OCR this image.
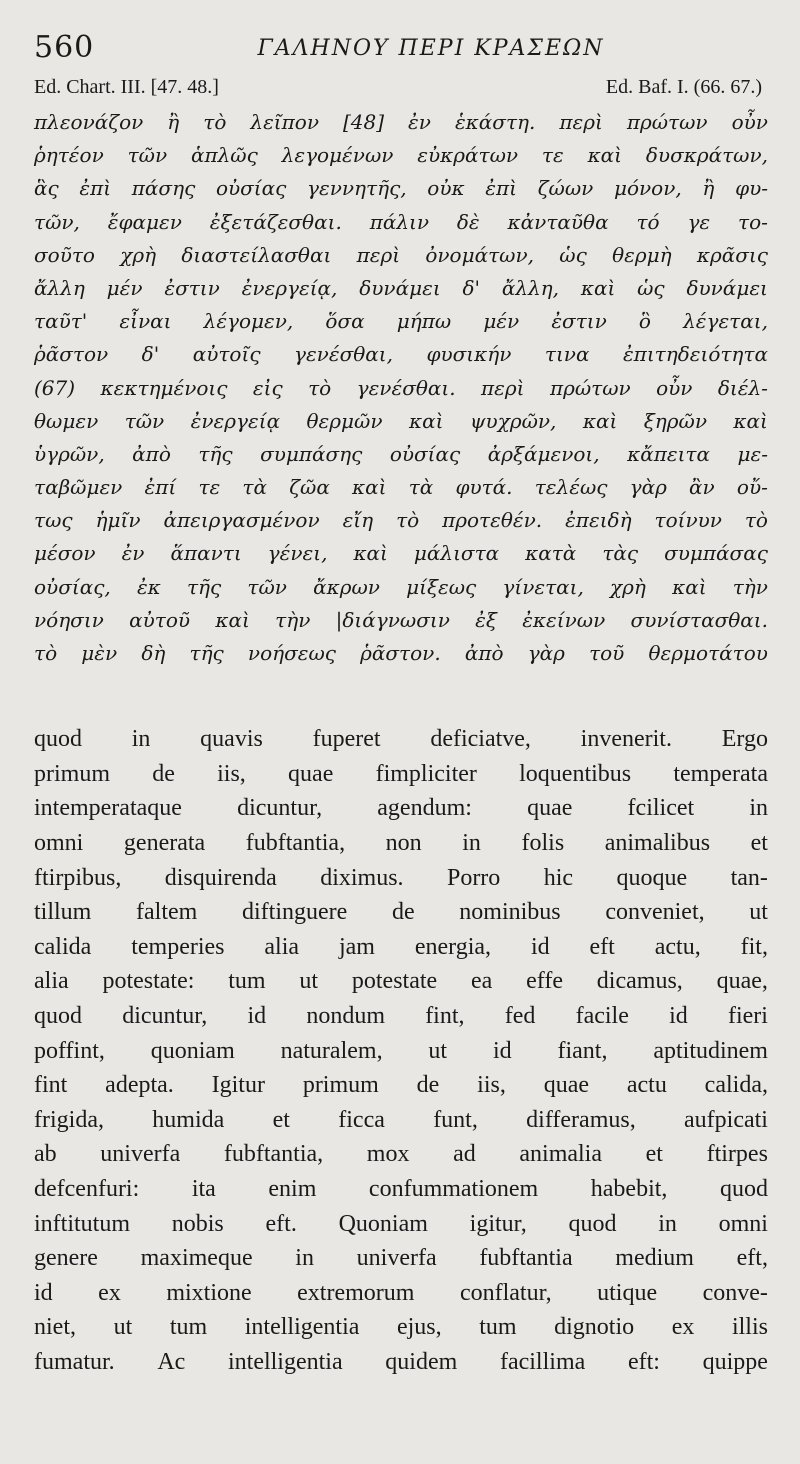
560	ΓΑΛΗΝΟΥ ΠΕΡΙ ΚΡΑΣΕΩΝ
Ed. Chart. III. [47. 48.]	Ed. Baf. I. (66. 67.)
πλεονάζον ἢ τὸ λεῖπον [48] ἐν ἑκάστη. περὶ πρώτων οὖν
ῥητέον τῶν ἁπλῶς λεγομένων εὐκράτων τε καὶ δυσκράτων,
ἃς ἐπὶ πάσης οὐσίας γεννητῆς, οὐκ ἐπὶ ζώων μόνον, ἢ φυ-
τῶν, ἔφαμεν ἐξετάζεσθαι. πάλιν δὲ κἀνταῦθα τό γε το-
σοῦτο χρὴ διαστείλασθαι περὶ ὀνομάτων, ὡς θερμὴ κρᾶσις
ἄλλη μέν ἐστιν ἐνεργείᾳ, δυνάμει δ' ἄλλη, καὶ ὡς δυνάμει
ταῦτ' εἶναι λέγομεν, ὅσα μήπω μέν ἐστιν ὃ λέγεται,
ῥᾶστον δ' αὐτοῖς γενέσθαι, φυσικήν τινα ἐπιτηδειότητα
(67) κεκτημένοις εἰς τὸ γενέσθαι. περὶ πρώτων οὖν διέλ-
θωμεν τῶν ἐνεργείᾳ θερμῶν καὶ ψυχρῶν, καὶ ξηρῶν καὶ
ὑγρῶν, ἀπὸ τῆς συμπάσης οὐσίας ἀρξάμενοι, κἄπειτα με-
ταβῶμεν ἐπί τε τὰ ζῶα καὶ τὰ φυτά. τελέως γὰρ ἂν οὔ-
τως ἡμῖν ἀπειργασμένον εἴη τὸ προτεθέν. ἐπειδὴ τοίνυν τὸ
μέσον ἐν ἅπαντι γένει, καὶ μάλιστα κατὰ τὰς συμπάσας
οὐσίας, ἐκ τῆς τῶν ἄκρων μίξεως γίνεται, χρὴ καὶ τὴν
νόησιν αὐτοῦ καὶ τὴν |διάγνωσιν ἐξ ἐκείνων συνίστασθαι.
τὸ μὲν δὴ τῆς νοήσεως ῥᾶστον. ἀπὸ γὰρ τοῦ θερμοτάτου
quod in quavis fuperet deficiatve, invenerit. Ergo
primum de iis, quae fimpliciter loquentibus temperata
intemperataque dicuntur, agendum: quae fcilicet in
omni generata fubftantia, non in folis animalibus et
ftirpibus, disquirenda diximus. Porro hic quoque tan-
tillum faltem diftinguere de nominibus conveniet, ut
calida temperies alia jam energia, id eft actu, fit,
alia potestate: tum ut potestate ea effe dicamus, quae,
quod dicuntur, id nondum fint, fed facile id fieri
poffint, quoniam naturalem, ut id fiant, aptitudinem
fint adepta. Igitur primum de iis, quae actu calida,
frigida, humida et ficca funt, differamus, aufpicati
ab univerfa fubftantia, mox ad animalia et ftirpes
defcenfuri: ita enim confummationem habebit, quod
inftitutum nobis eft. Quoniam igitur, quod in omni
genere maximeque in univerfa fubftantia medium eft,
id ex mixtione extremorum conflatur, utique conve-
niet, ut tum intelligentia ejus, tum dignotio ex illis
fumatur. Ac intelligentia quidem facillima eft: quippe
